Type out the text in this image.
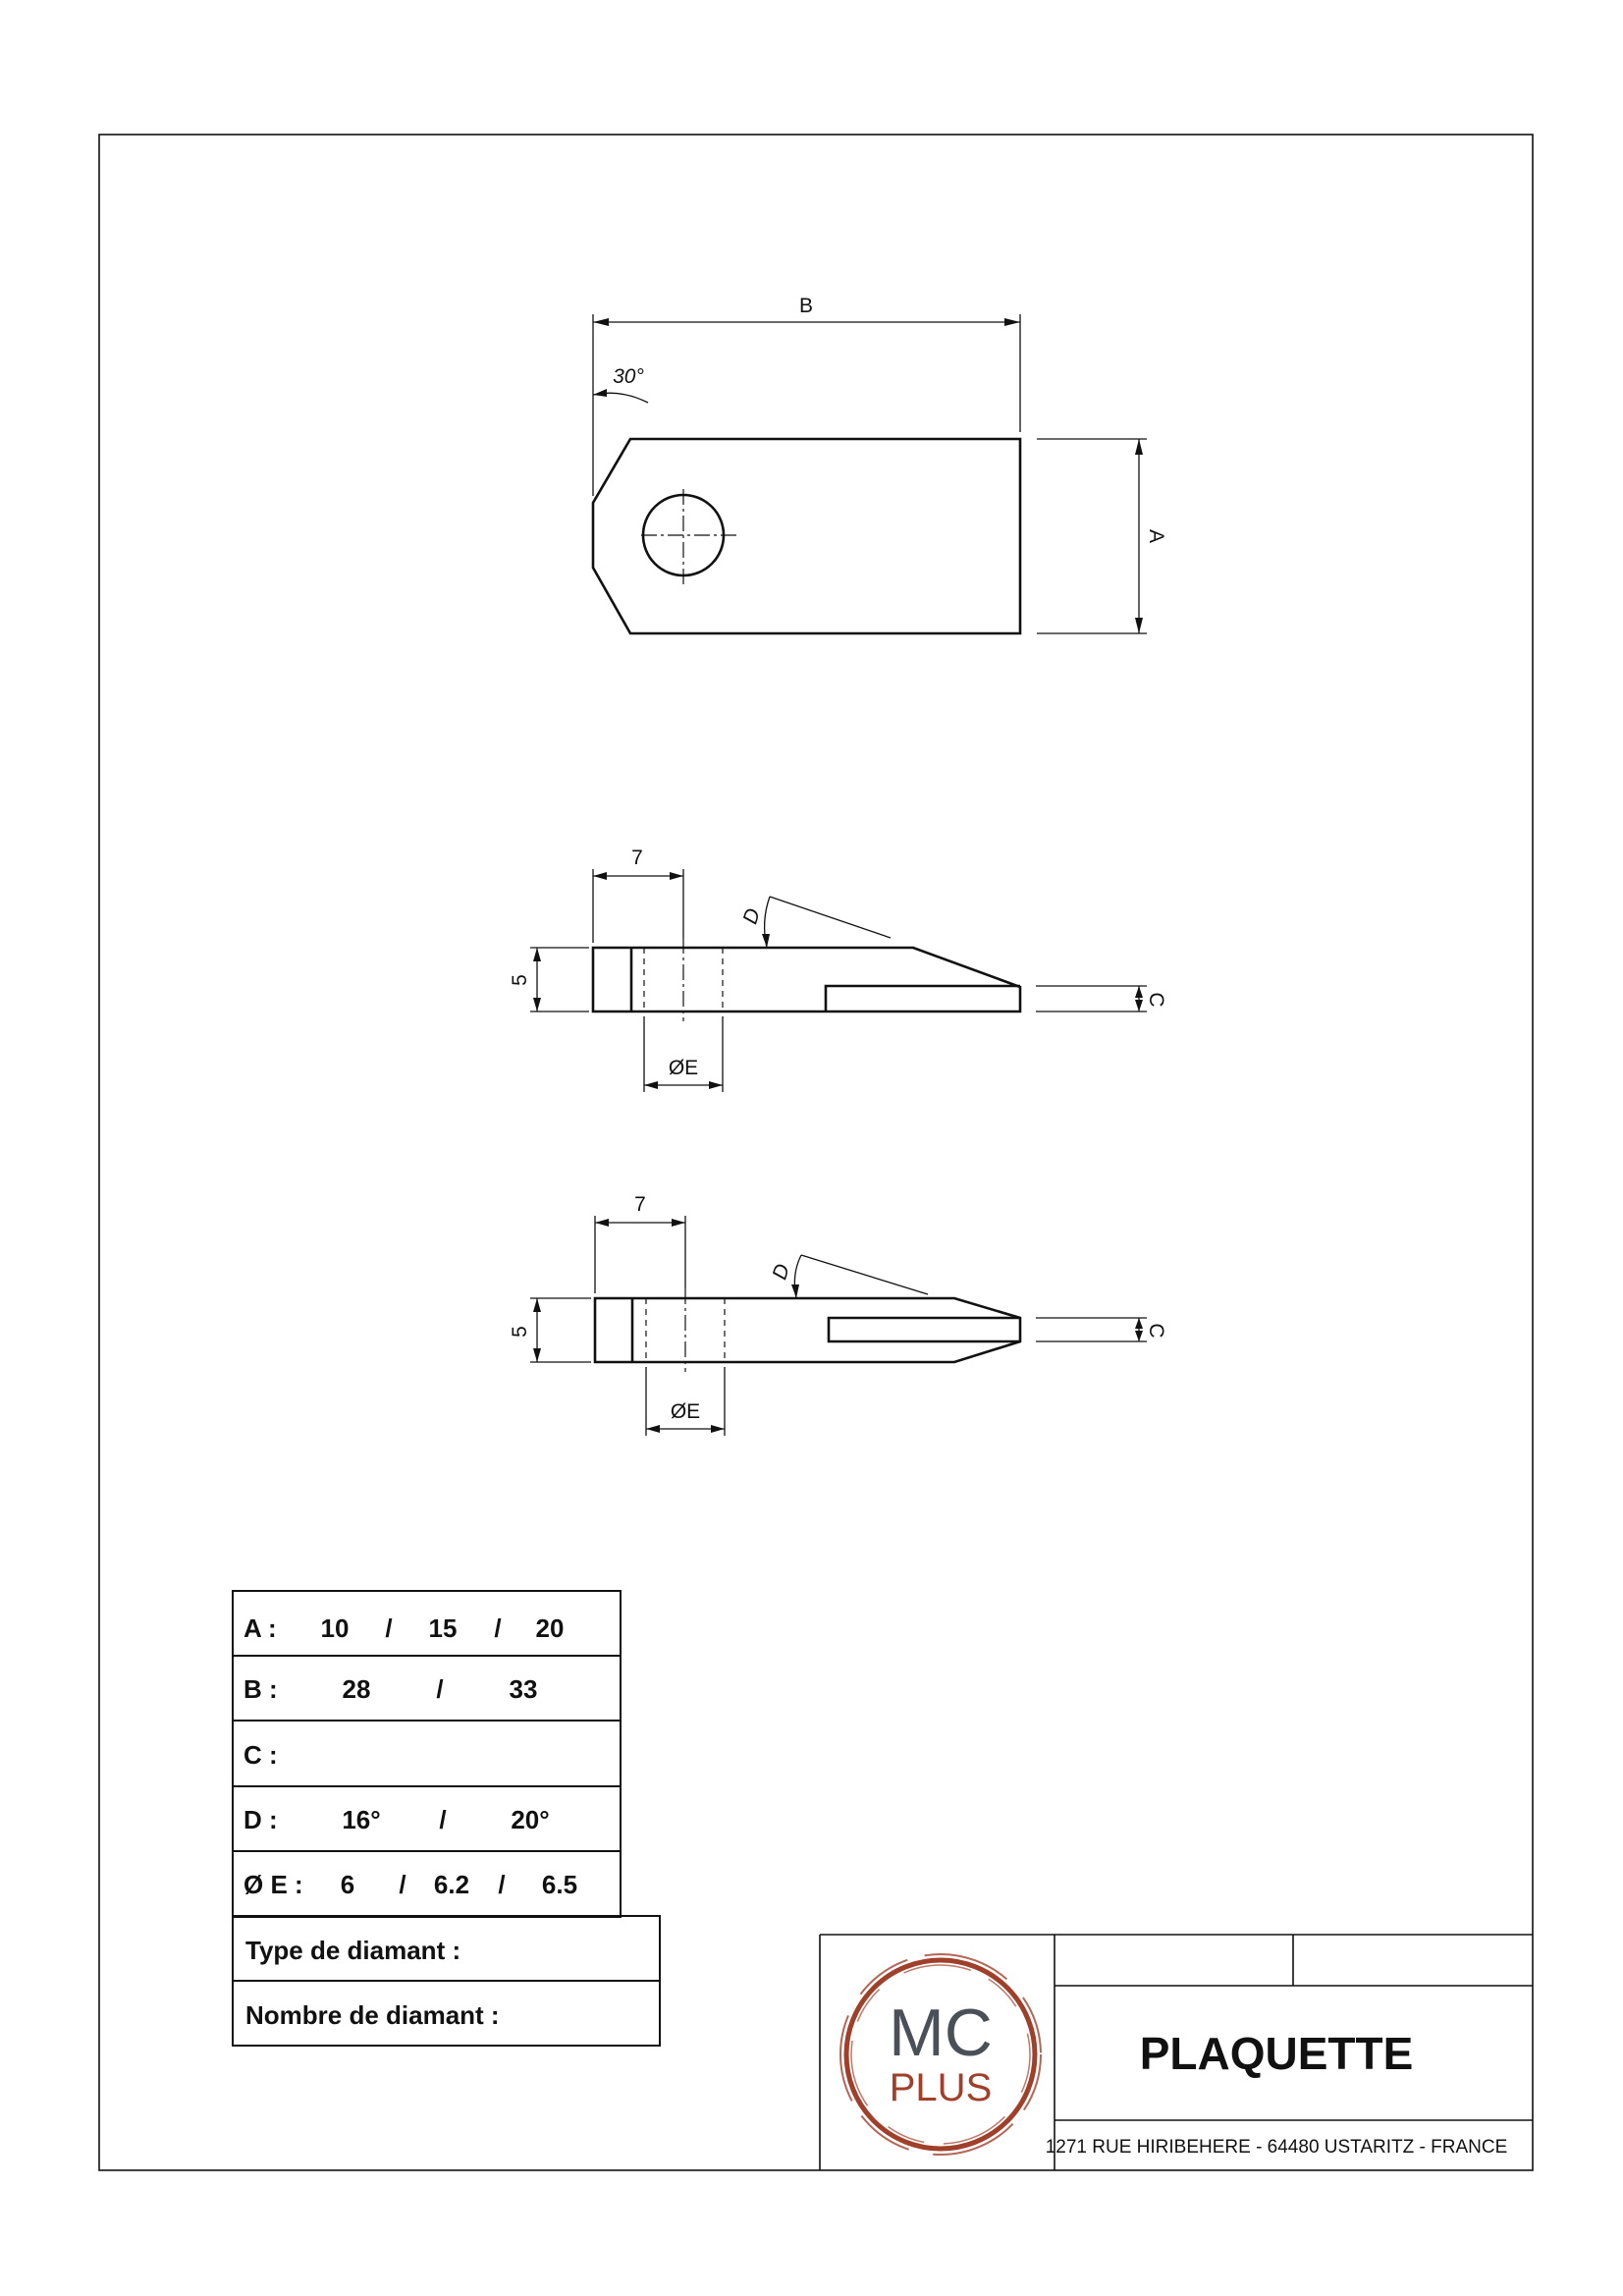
B
30°
A
7
5
D
ØE
C
7
5
D
ØE
C
A : 10 / 15 / 20
B :	28	/	33
C :
D :	16° /	20°
Ø E : 6 / 6.2 / 6.5
Type de diamant :
Nombre de diamant :	MC
PLUS
PLAQUETTE
1271 RUE HIRIBEHERE - 64480 USTARITZ - FRANCE
